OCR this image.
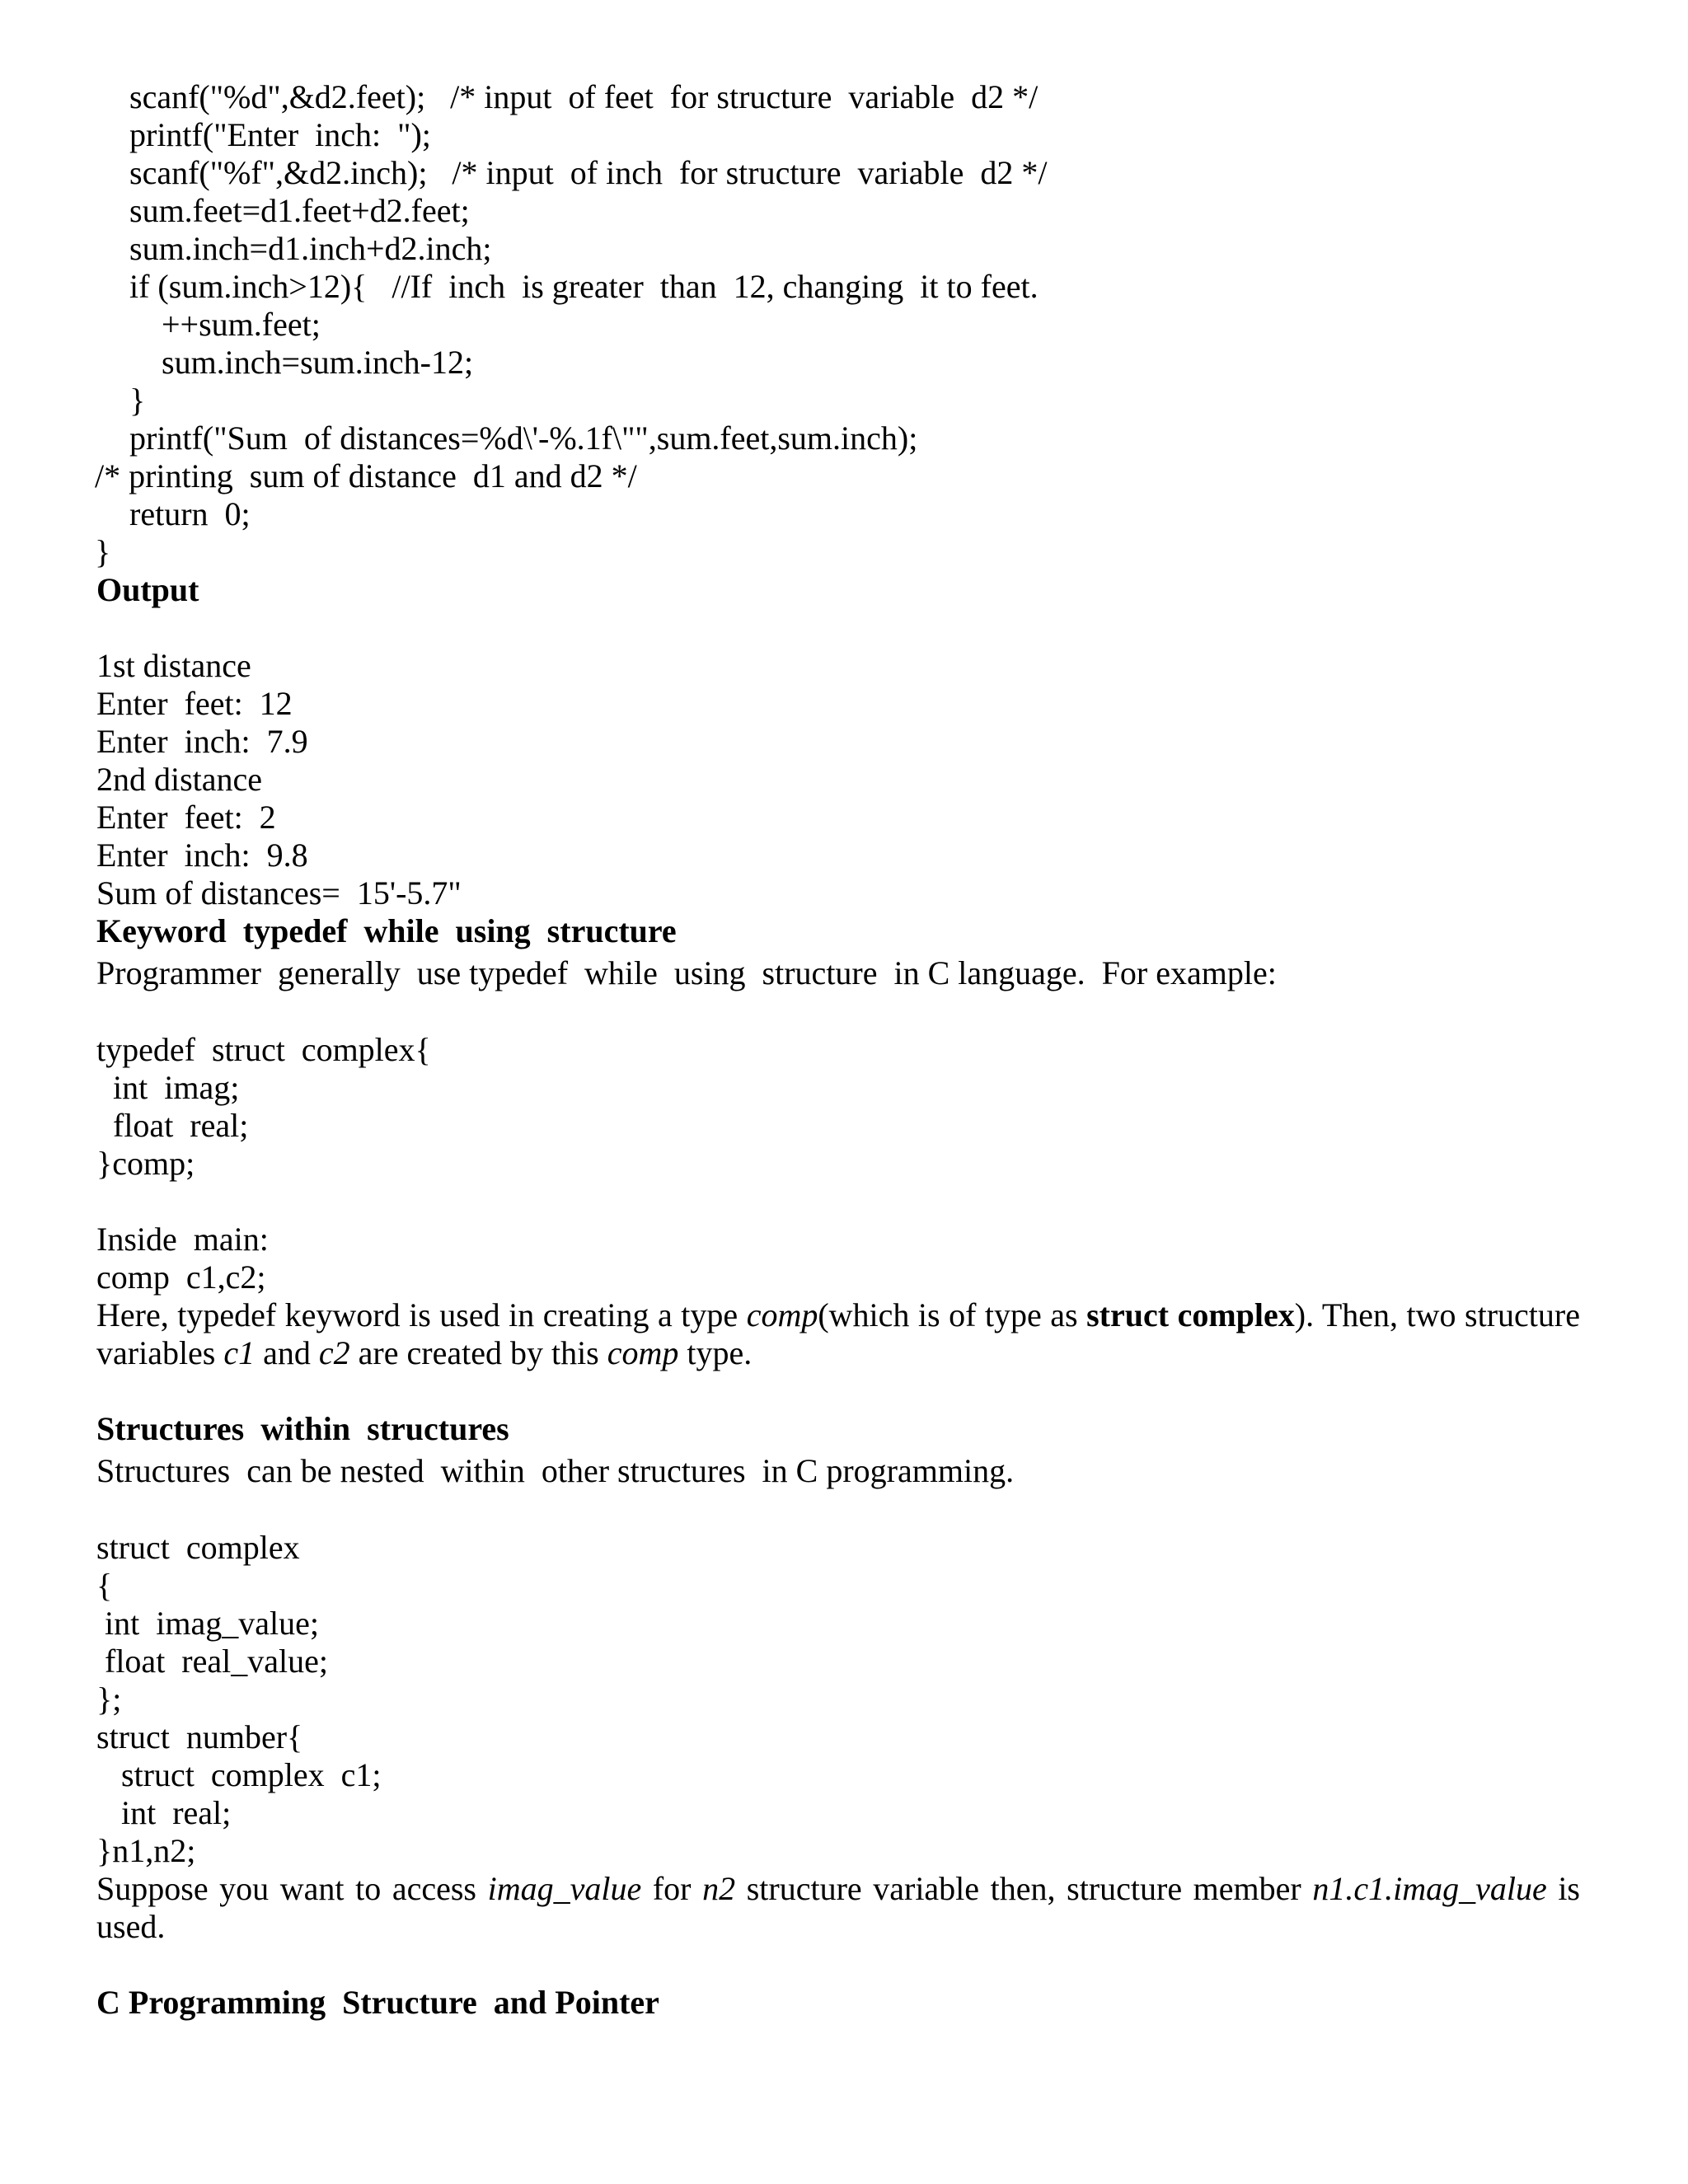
scanf("%d",&d2.feet);   /* input  of feet  for structure  variable  d2 */
printf("Enter  inch:  ");
scanf("%f",&d2.inch);   /* input  of inch  for structure  variable  d2 */
sum.feet=d1.feet+d2.feet;
sum.inch=d1.inch+d2.inch;
if (sum.inch>12){   //If  inch  is greater  than  12, changing  it to feet.
++sum.feet;
sum.inch=sum.inch-12;
}
printf("Sum  of distances=%d\'-%.1f\"",sum.feet,sum.inch);
/* printing  sum of distance  d1 and d2 */
return  0;
}
Output
1st distance
Enter  feet:  12
Enter  inch:  7.9
2nd distance
Enter  feet:  2
Enter  inch:  9.8
Sum of distances=  15'-5.7"
Keyword  typedef  while  using  structure
Programmer  generally  use typedef  while  using  structure  in C language.  For example:
typedef  struct  complex{
int  imag;
float  real;
}comp;
Inside  main:
comp  c1,c2;
Here, typedef keyword is used in creating a type comp(which is of type as struct complex). Then, two structure variables c1 and c2 are created by this comp type.
Structures  within  structures
Structures  can be nested  within  other structures  in C programming.
struct  complex
{
int  imag_value;
float  real_value;
};
struct  number{
struct  complex  c1;
int  real;
}n1,n2;
Suppose you want to access imag_value for n2 structure variable then, structure member n1.c1.imag_value is used.
C Programming  Structure  and Pointer
